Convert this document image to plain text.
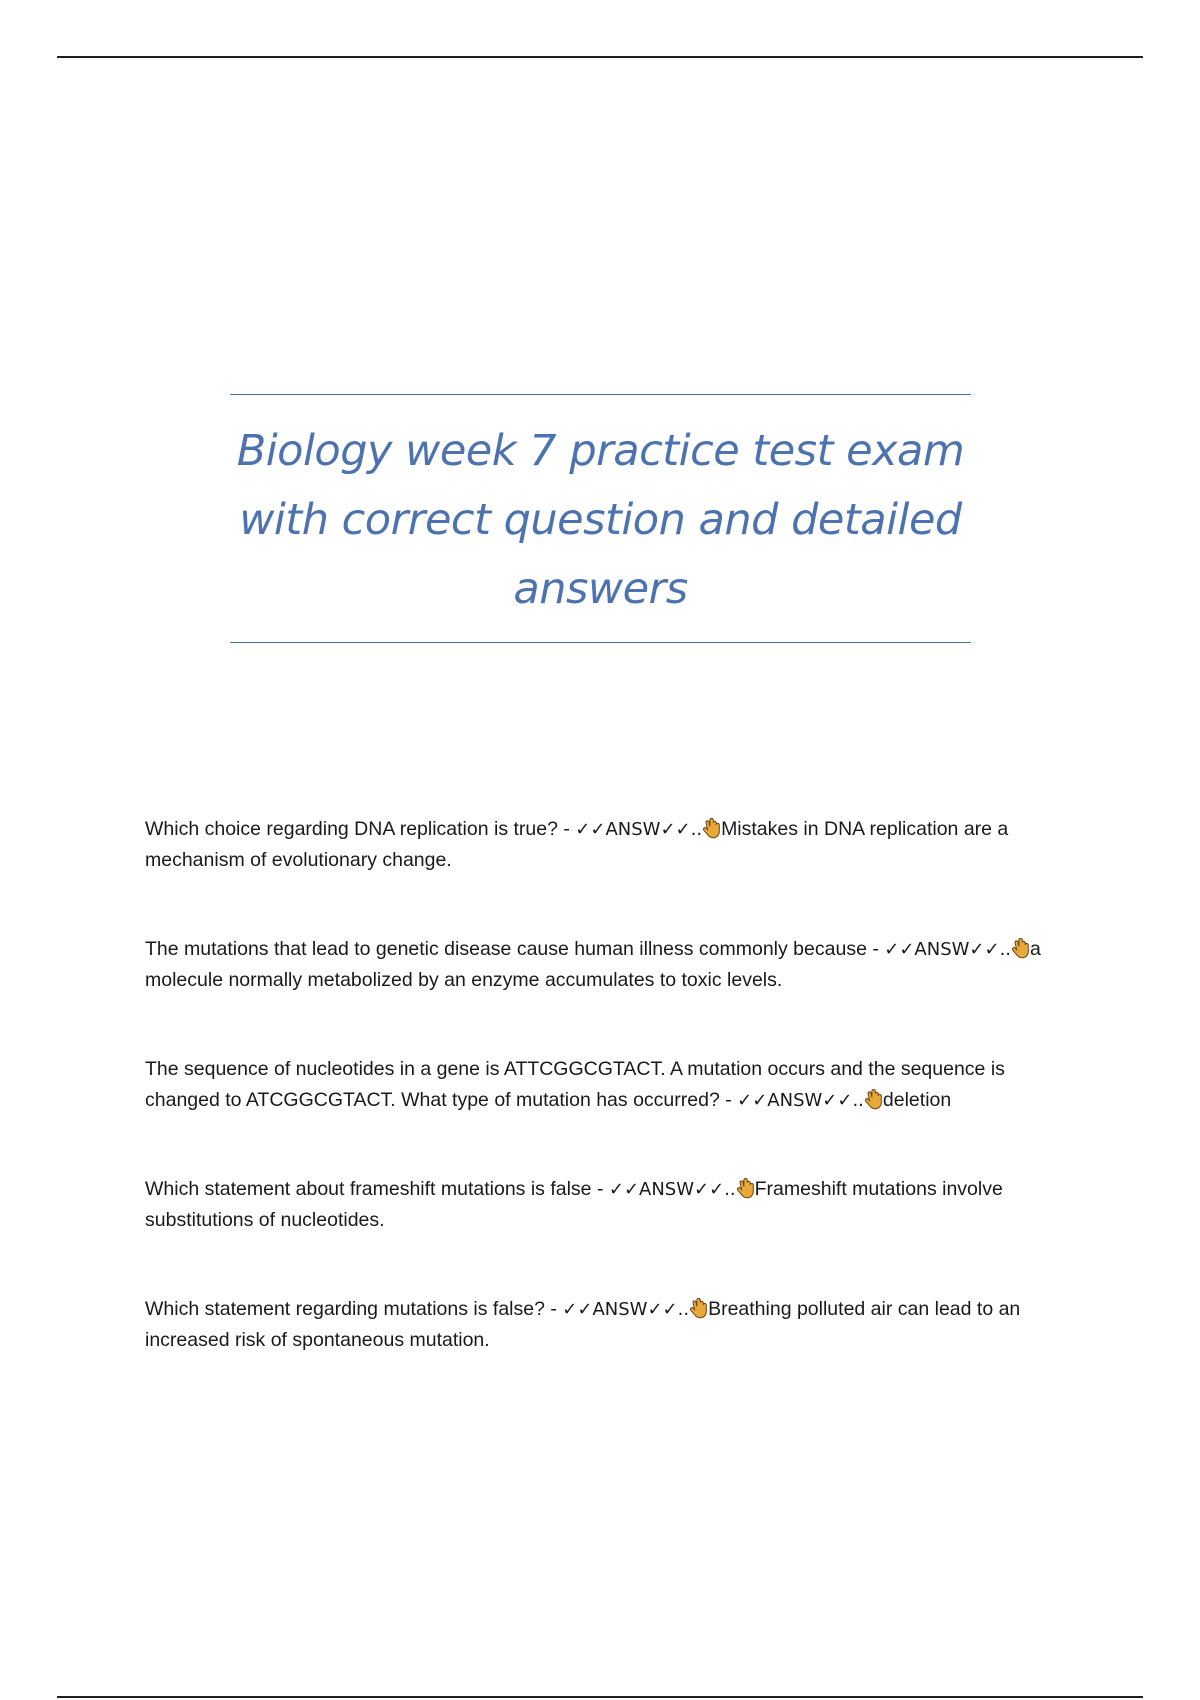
Biology week 7 practice test exam with correct question and detailed answers

Which choice regarding DNA replication is true? - ✓✓ANSW✓✓.. Mistakes in DNA replication are a mechanism of evolutionary change.

The mutations that lead to genetic disease cause human illness commonly because - ✓✓ANSW✓✓.. a molecule normally metabolized by an enzyme accumulates to toxic levels.

The sequence of nucleotides in a gene is ATTCGGCGTACT. A mutation occurs and the sequence is changed to ATCGGCGTACT. What type of mutation has occurred? - ✓✓ANSW✓✓.. deletion

Which statement about frameshift mutations is false - ✓✓ANSW✓✓.. Frameshift mutations involve substitutions of nucleotides.

Which statement regarding mutations is false? - ✓✓ANSW✓✓.. Breathing polluted air can lead to an increased risk of spontaneous mutation.
